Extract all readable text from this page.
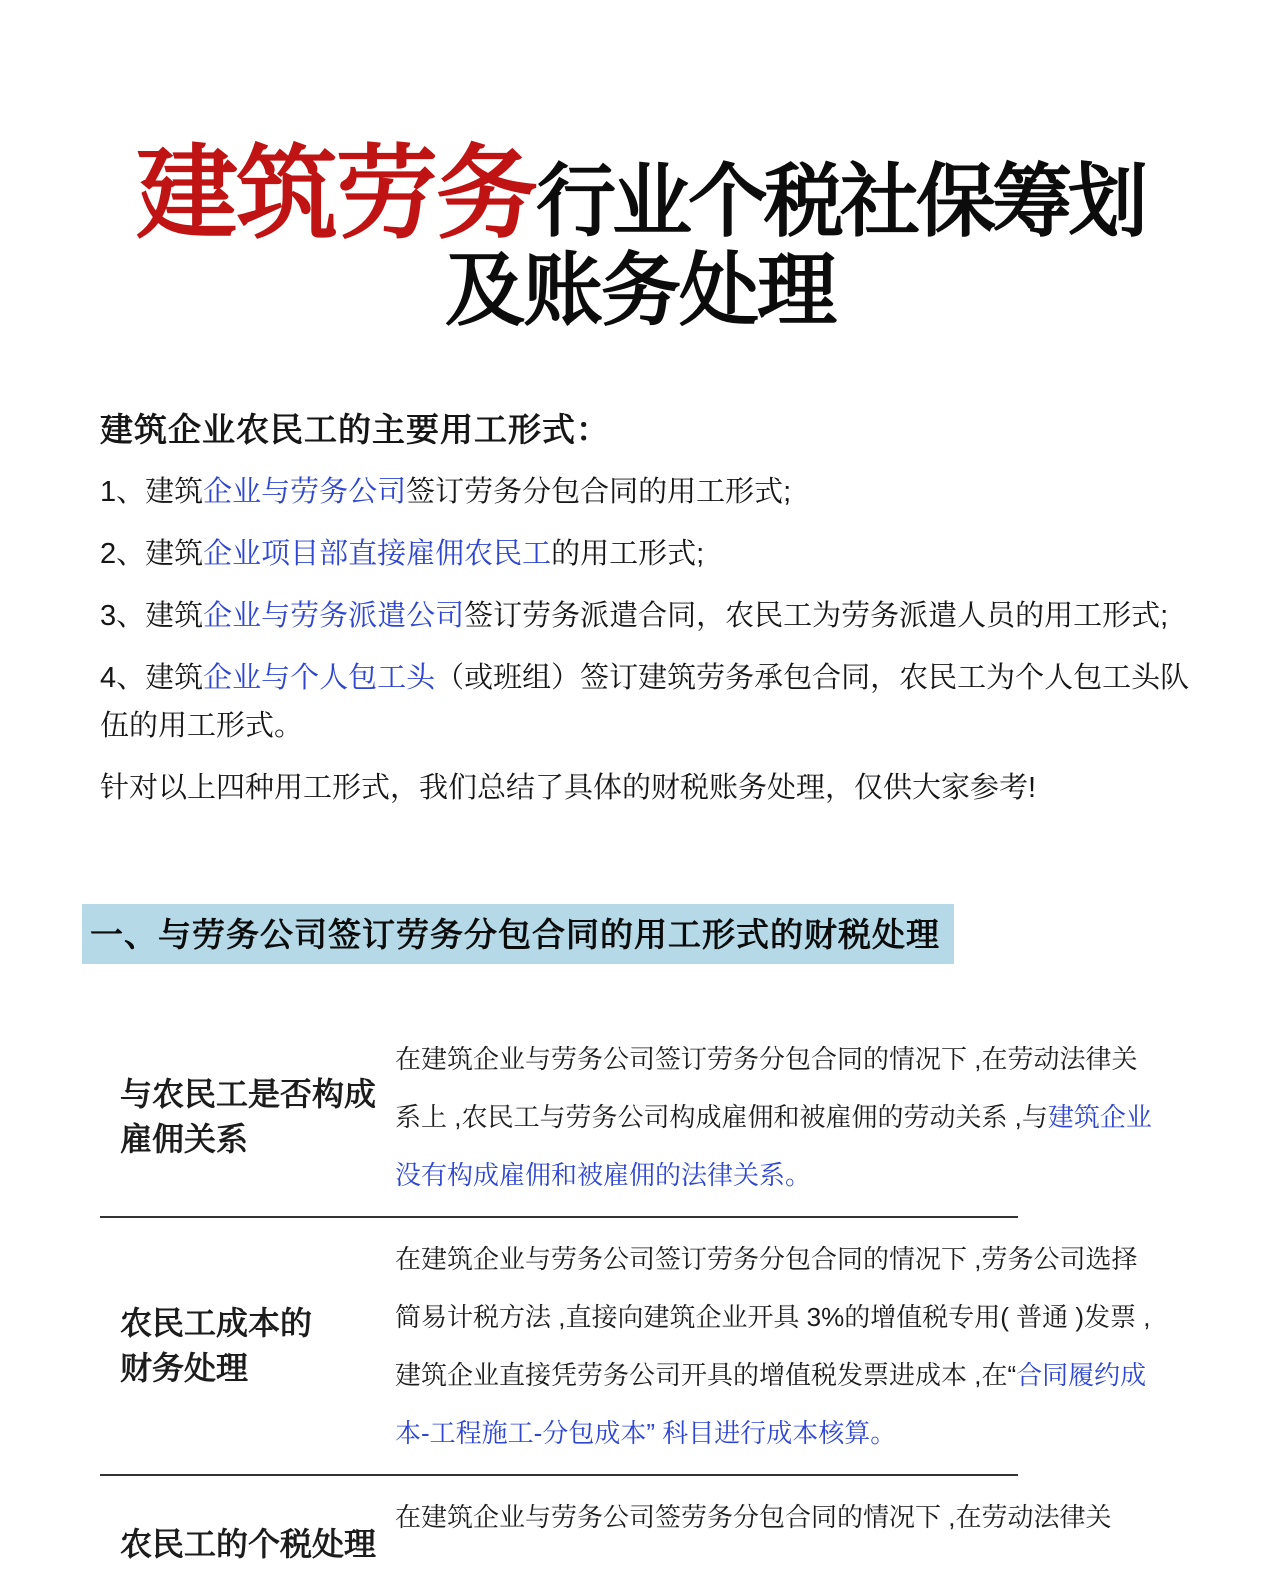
建筑劳务行业个税社保筹划
及账务处理
建筑企业农民工的主要用工形式：

1、建筑企业与劳务公司签订劳务分包合同的用工形式;

2、建筑企业项目部直接雇佣农民工的用工形式;

3、建筑企业与劳务派遣公司签订劳务派遣合同，农民工为劳务派遣人员的用工形式;

4、建筑企业与个人包工头（或班组）签订建筑劳务承包合同，农民工为个人包工头队伍的用工形式。

针对以上四种用工形式，我们总结了具体的财税账务处理，仅供大家参考!

一、与劳务公司签订劳务分包合同的用工形式的财税处理
与农民工是否构成
雇佣关系
在建筑企业与劳务公司签订劳务分包合同的情况下 ,在劳动法律关系上 ,农民工与劳务公司构成雇佣和被雇佣的劳动关系 ,与建筑企业没有构成雇佣和被雇佣的法律关系。
农民工成本的
财务处理
在建筑企业与劳务公司签订劳务分包合同的情况下 ,劳务公司选择简易计税方法 ,直接向建筑企业开具 3%的增值税专用( 普通 )发票 ,建筑企业直接凭劳务公司开具的增值税发票进成本 ,在“合同履约成本-工程施工-分包成本” 科目进行成本核算。
农民工的个税处理
在建筑企业与劳务公司签劳务分包合同的情况下 ,在劳动法律关
